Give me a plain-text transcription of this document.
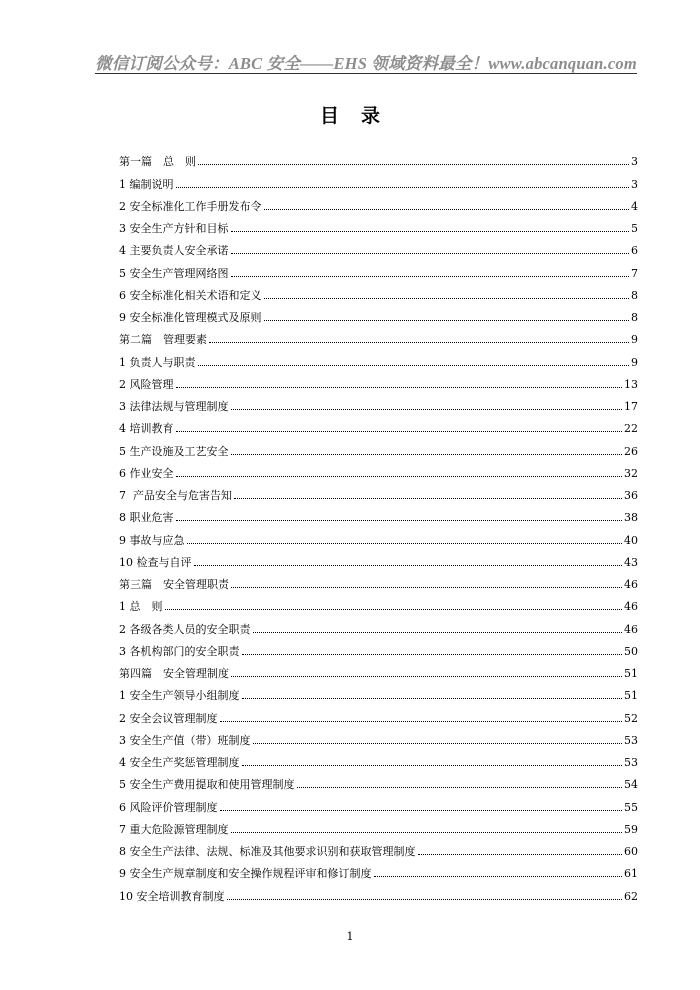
微信订阅公众号：ABC 安全——EHS 领域资料最全！www.abcanquan.com
目录
第一篇　总　则	3
1 编制说明	3
2 安全标准化工作手册发布令	4
3 安全生产方针和目标	5
4 主要负责人安全承诺	6
5 安全生产管理网络图	7
6 安全标准化相关术语和定义	8
9 安全标准化管理模式及原则	8
第二篇　管理要素	9
1 负责人与职责	9
2 风险管理	13
3 法律法规与管理制度	17
4 培训教育	22
5 生产设施及工艺安全	26
6 作业安全	32
7  产品安全与危害告知	36
8 职业危害	38
9 事故与应急	40
10 检查与自评	43
第三篇　安全管理职责	46
1 总　则	46
2 各级各类人员的安全职责	46
3 各机构部门的安全职责	50
第四篇　安全管理制度	51
1 安全生产领导小组制度	51
2 安全会议管理制度	52
3 安全生产值（带）班制度	53
4 安全生产奖惩管理制度	53
5 安全生产费用提取和使用管理制度	54
6 风险评价管理制度	55
7 重大危险源管理制度	59
8 安全生产法律、法规、标准及其他要求识别和获取管理制度	60
9 安全生产规章制度和安全操作规程评审和修订制度	61
10 安全培训教育制度	62
1
